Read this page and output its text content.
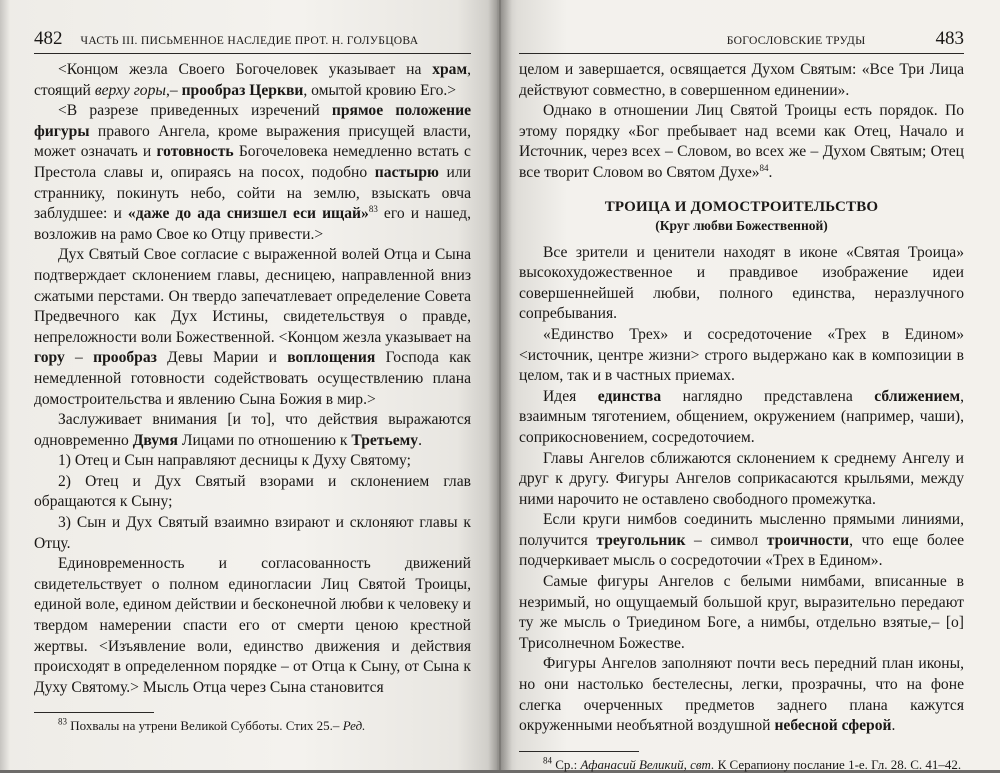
482 ЧАСТЬ III. ПИСЬМЕННОЕ НАСЛЕДИЕ ПРОТ. Н. ГОЛУБЦОВА

<Концом жезла Своего Богочеловек указывает на храм, стоящий верху горы,– прообраз Церкви, омытой кровию Его.>

<В разрезе приведенных изречений прямое положение фигуры правого Ангела, кроме выражения присущей власти, может означать и готовность Богочеловека немедленно встать с Престола славы и, опираясь на посох, подобно пастырю или страннику, покинуть небо, сойти на землю, взыскать овча заблудшее: и «даже до ада снизшел еси ищай»$^{83}$ его и нашед, возложив на рамо Свое ко Отцу привести.>

Дух Святый Свое согласие с выраженной волей Отца и Сына подтверждает склонением главы, десницею, направленной вниз сжатыми перстами. Он твердо запечатлевает определение Совета Предвечного как Дух Истины, свидетельствуя о правде, непреложности воли Божественной. <Концом жезла указывает на гору – прообраз Девы Марии и воплощения Господа как немедленной готовности содействовать осуществлению плана домостроительства и явлению Сына Божия в мир.>

Заслуживает внимания [и то], что действия выражаются одновременно Двумя Лицами по отношению к Третьему.

1) Отец и Сын направляют десницы к Духу Святому;

2) Отец и Дух Святый взорами и склонением глав обращаются к Сыну;

3) Сын и Дух Святый взаимно взирают и склоняют главы к Отцу.

Единовременность и согласованность движений свидетельствует о полном единогласии Лиц Святой Троицы, единой воле, едином действии и бесконечной любви к человеку и твердом намерении спасти его от смерти ценою крестной жертвы. <Изъявление воли, единство движения и действия происходят в определенном порядке – от Отца к Сыну, от Сына к Духу Святому.> Мысль Отца через Сына становится

$^{83}$ Похвалы на утрени Великой Субботы. Стих 25.– Ред.
БОГОСЛОВСКИЕ ТРУДЫ	483

целом и завершается, освящается Духом Святым: «Все Три Лица действуют совместно, в совершенном единении».

Однако в отношении Лиц Святой Троицы есть порядок. По этому порядку «Бог пребывает над всеми как Отец, Начало и Источник, через всех – Словом, во всех же – Духом Святым; Отец все творит Словом во Святом Духе»$^{84}$.

ТРОИЦА И ДОМОСТРОИТЕЛЬСТВО
(Круг любви Божественной)

Все зрители и ценители находят в иконе «Святая Троица» высокохудожественное и правдивое изображение идеи совершеннейшей любви, полного единства, неразлучного сопребывания.

«Единство Трех» и сосредоточение «Трех в Едином» <источник, центре жизни> строго выдержано как в композиции в целом, так и в частных приемах.

Идея единства наглядно представлена сближением, взаимным тяготением, общением, окружением (например, чаши), соприкосновением, сосредоточием.

Главы Ангелов сближаются склонением к среднему Ангелу и друг к другу. Фигуры Ангелов соприкасаются крыльями, между ними нарочито не оставлено свободного промежутка.

Если круги нимбов соединить мысленно прямыми линиями, получится треугольник – символ троичности, что еще более подчеркивает мысль о сосредоточии «Трех в Едином».

Самые фигуры Ангелов с белыми нимбами, вписанные в незримый, но ощущаемый большой круг, выразительно передают ту же мысль о Триедином Боге, а нимбы, отдельно взятые,– [о] Трисолнечном Божестве.

Фигуры Ангелов заполняют почти весь передний план иконы, но они настолько бестелесны, легки, прозрачны, что на фоне слегка очерченных предметов заднего плана кажутся окруженными необъятной воздушной небесной сферой.

$^{84}$ Ср.: Афанасий Великий, свт. К Серапиону послание 1-е. Гл. 28. С. 41–42.
